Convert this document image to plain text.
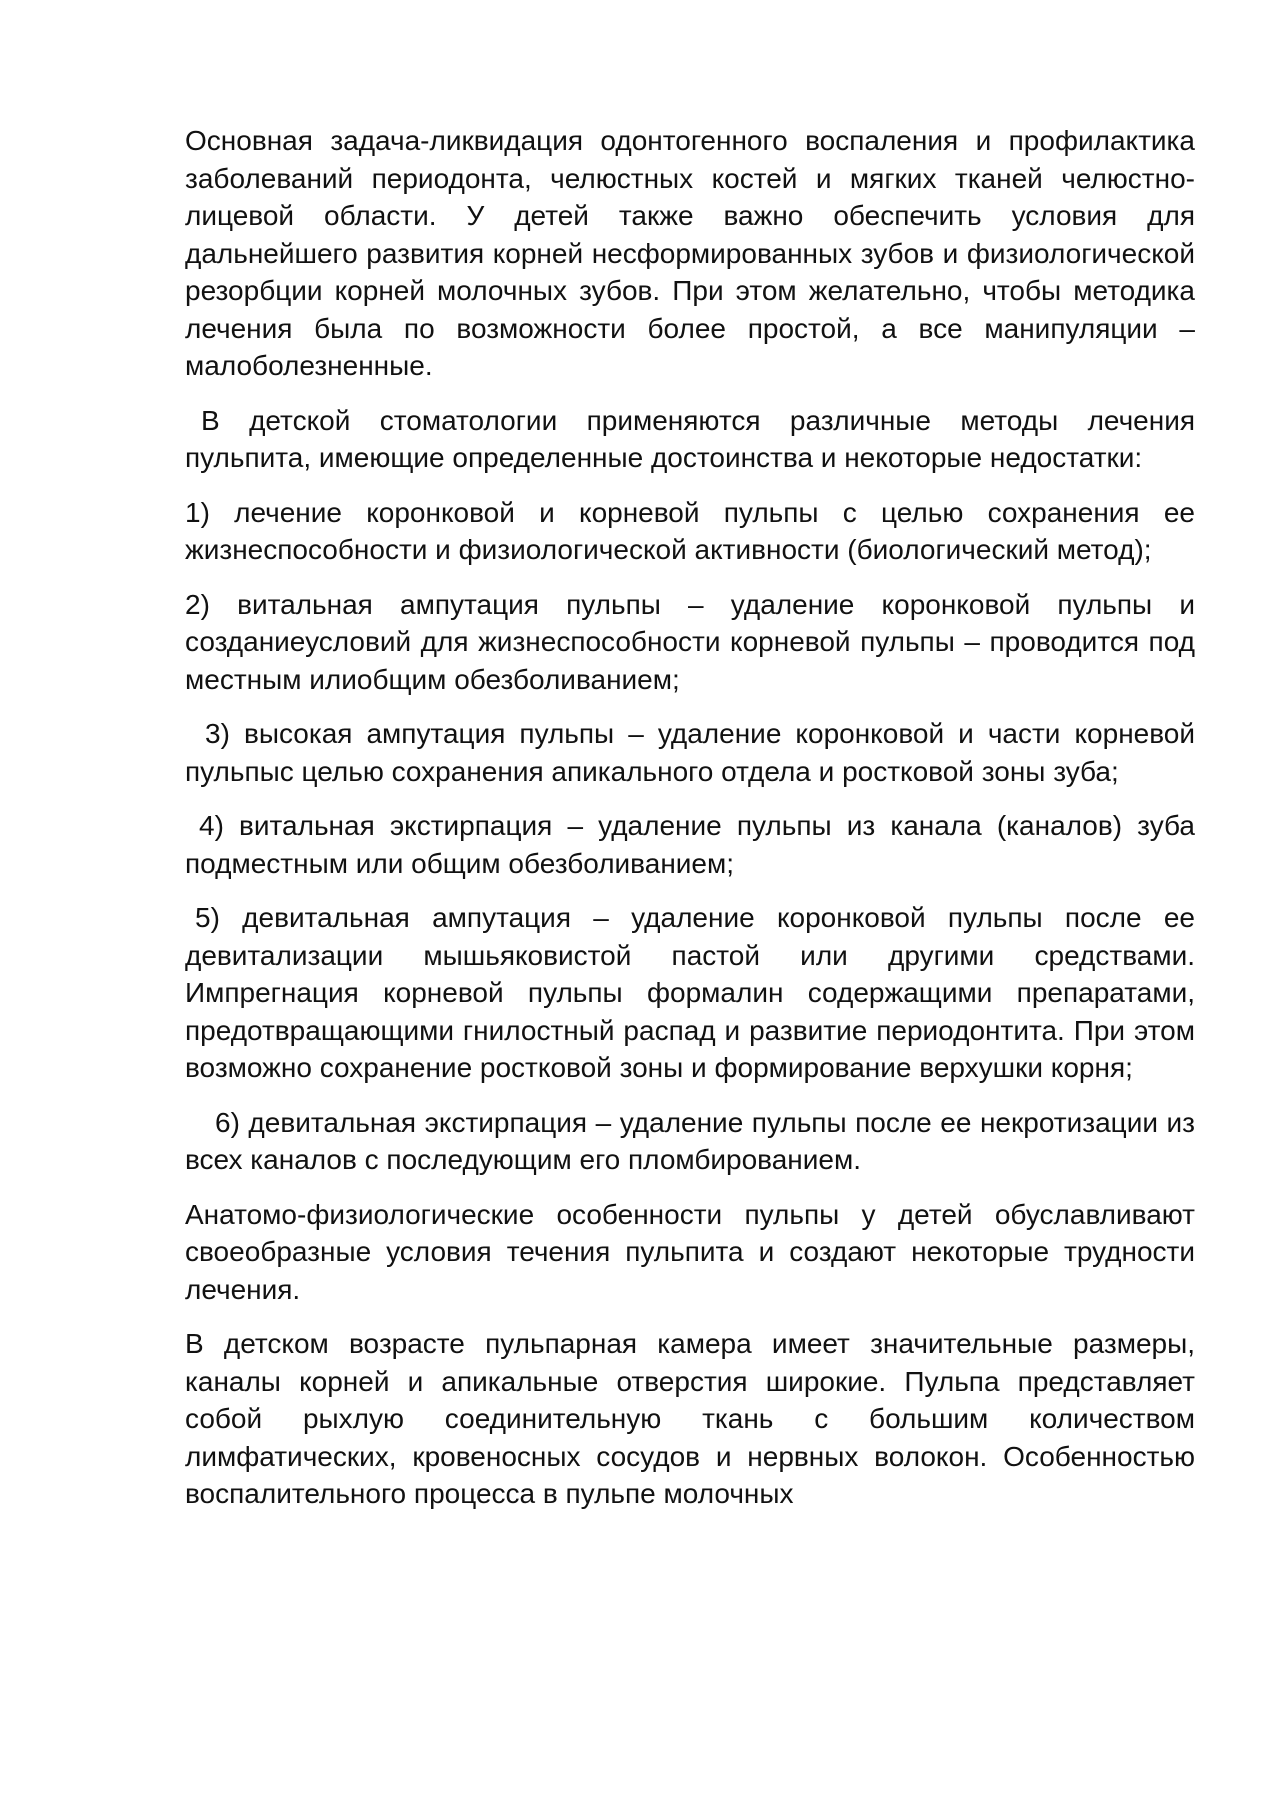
Основная задача-ликвидация одонтогенного воспаления и профилактика заболеваний периодонта, челюстных костей и мягких тканей челюстно-лицевой области. У детей также важно обеспечить условия для дальнейшего развития корней несформированных зубов и физиологической резорбции корней молочных зубов. При этом желательно, чтобы методика лечения была по возможности более простой, а все манипуляции –малоболезненные.

В детской стоматологии применяются различные методы лечения пульпита, имеющие определенные достоинства и некоторые недостатки:

1) лечение коронковой и корневой пульпы с целью сохранения ее жизнеспособности и физиологической активности (биологический метод);

2) витальная ампутация пульпы – удаление коронковой пульпы и созданиеусловий для жизнеспособности корневой пульпы – проводится под местным илиобщим обезболиванием;

3) высокая ампутация пульпы – удаление коронковой и части корневой пульпыс целью сохранения апикального отдела и ростковой зоны зуба;

4) витальная экстирпация – удаление пульпы из канала (каналов) зуба подместным или общим обезболиванием;

5) девитальная ампутация – удаление коронковой пульпы после ее девитализации мышьяковистой пастой или другими средствами. Импрегнация корневой пульпы формалин содержащими препаратами, предотвращающими гнилостный распад и развитие периодонтита. При этом возможно сохранение ростковой зоны и формирование верхушки корня;

6) девитальная экстирпация – удаление пульпы после ее некротизации из всех каналов с последующим его пломбированием.

Анатомо-физиологические особенности пульпы у детей обуславливают своеобразные условия течения пульпита и создают некоторые трудности лечения.

В детском возрасте пульпарная камера имеет значительные размеры, каналы корней и апикальные отверстия широкие. Пульпа представляет собой рыхлую соединительную ткань с большим количеством лимфатических, кровеносных сосудов и нервных волокон. Особенностью воспалительного процесса в пульпе молочных
